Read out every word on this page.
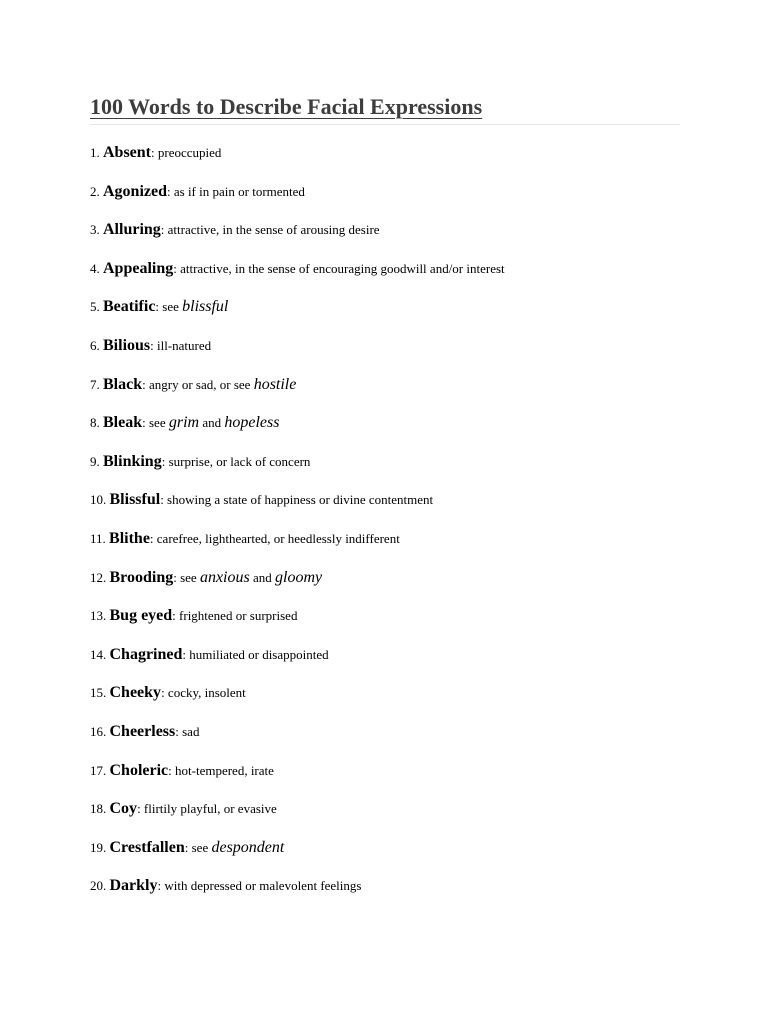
100 Words to Describe Facial Expressions
1. Absent : preoccupied
2. Agonized : as if in pain or tormented
3. Alluring : attractive, in the sense of arousing desire
4. Appealing : attractive, in the sense of encouraging goodwill and/or interest
5. Beatific : see blissful
6. Bilious : ill-natured
7. Black : angry or sad, or see hostile
8. Bleak : see grim and hopeless
9. Blinking : surprise, or lack of concern
10. Blissful : showing a state of happiness or divine contentment
11. Blithe : carefree, lighthearted, or heedlessly indifferent
12. Brooding : see anxious and gloomy
13. Bug eyed : frightened or surprised
14. Chagrined : humiliated or disappointed
15. Cheeky : cocky, insolent
16. Cheerless : sad
17. Choleric : hot-tempered, irate
18. Coy : flirtily playful, or evasive
19. Crestfallen : see despondent
20. Darkly : with depressed or malevolent feelings
